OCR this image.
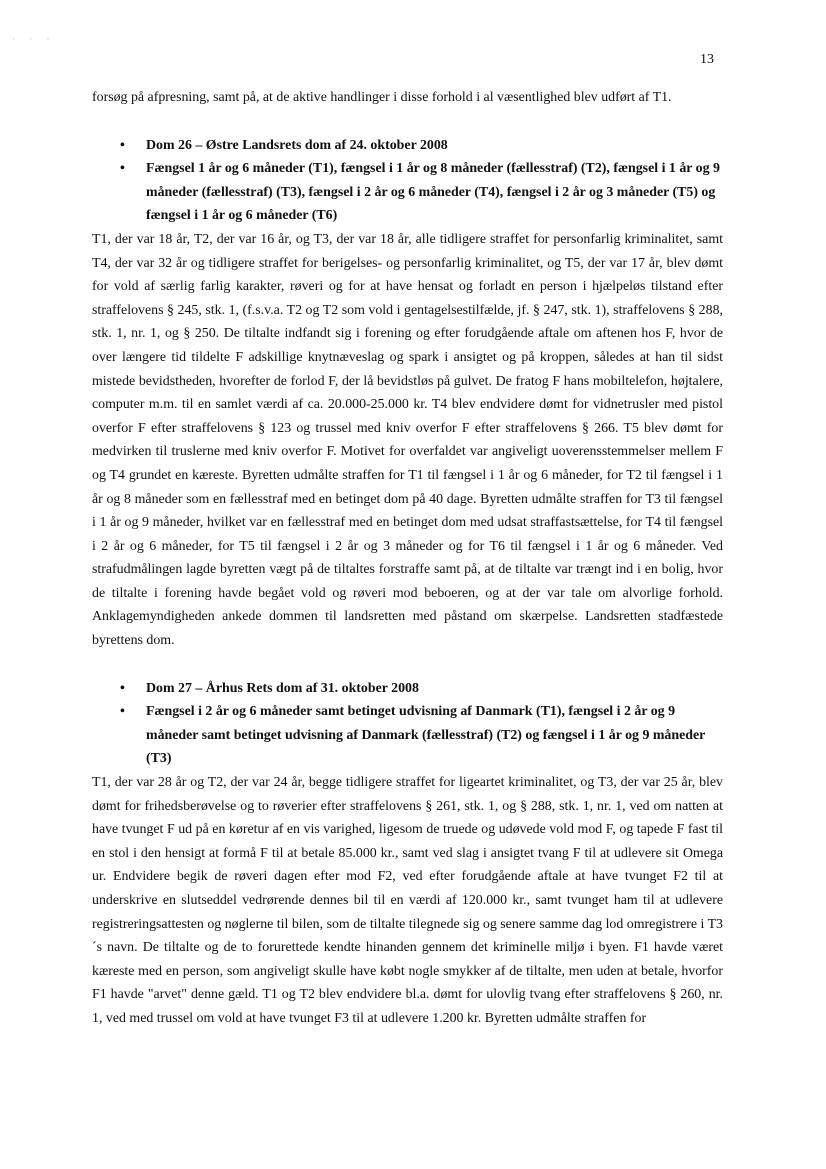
· · ·
13

forsøg på afpresning, samt på, at de aktive handlinger i disse forhold i al væsentlighed blev udført af T1.

• Dom 26 – Østre Landsrets dom af 24. oktober 2008
• Fængsel 1 år og 6 måneder (T1), fængsel i 1 år og 8 måneder (fællesstraf) (T2), fængsel i 1 år og 9 måneder (fællesstraf) (T3), fængsel i 2 år og 6 måneder (T4), fængsel i 2 år og 3 måneder (T5) og fængsel i 1 år og 6 måneder (T6)

T1, der var 18 år, T2, der var 16 år, og T3, der var 18 år, alle tidligere straffet for personfarlig kriminalitet, samt T4, der var 32 år og tidligere straffet for berigelses- og personfarlig kriminalitet, og T5, der var 17 år, blev dømt for vold af særlig farlig karakter, røveri og for at have hensat og forladt en person i hjælpeløs tilstand efter straffelovens § 245, stk. 1, (f.s.v.a. T2 og T2 som vold i gentagelsestilfælde, jf. § 247, stk. 1), straffelovens § 288, stk. 1, nr. 1, og § 250. De tiltalte indfandt sig i forening og efter forudgående aftale om aftenen hos F, hvor de over længere tid tildelte F adskillige knytnæveslag og spark i ansigtet og på kroppen, således at han til sidst mistede bevidstheden, hvorefter de forlod F, der lå bevidstløs på gulvet. De fratog F hans mobiltelefon, højtalere, computer m.m. til en samlet værdi af ca. 20.000-25.000 kr. T4 blev endvidere dømt for vidnetrusler med pistol overfor F efter straffelovens § 123 og trussel med kniv overfor F efter straffelovens § 266. T5 blev dømt for medvirken til truslerne med kniv overfor F. Motivet for overfaldet var angiveligt uoverensstemmelser mellem F og T4 grundet en kæreste. Byretten udmålte straffen for T1 til fængsel i 1 år og 6 måneder, for T2 til fængsel i 1 år og 8 måneder som en fællesstraf med en betinget dom på 40 dage. Byretten udmålte straffen for T3 til fængsel i 1 år og 9 måneder, hvilket var en fællesstraf med en betinget dom med udsat straffastsættelse, for T4 til fængsel i 2 år og 6 måneder, for T5 til fængsel i 2 år og 3 måneder og for T6 til fængsel i 1 år og 6 måneder. Ved strafudmålingen lagde byretten vægt på de tiltaltes forstraffe samt på, at de tiltalte var trængt ind i en bolig, hvor de tiltalte i forening havde begået vold og røveri mod beboeren, og at der var tale om alvorlige forhold. Anklagemyndigheden ankede dommen til landsretten med påstand om skærpelse. Landsretten stadfæstede byrettens dom.

• Dom 27 – Århus Rets dom af 31. oktober 2008
• Fængsel i 2 år og 6 måneder samt betinget udvisning af Danmark (T1), fængsel i 2 år og 9 måneder samt betinget udvisning af Danmark (fællesstraf) (T2) og fængsel i 1 år og 9 måneder (T3)

T1, der var 28 år og T2, der var 24 år, begge tidligere straffet for ligeartet kriminalitet, og T3, der var 25 år, blev dømt for frihedsberøvelse og to røverier efter straffelovens § 261, stk. 1, og § 288, stk. 1, nr. 1, ved om natten at have tvunget F ud på en køretur af en vis varighed, ligesom de truede og udøvede vold mod F, og tapede F fast til en stol i den hensigt at formå F til at betale 85.000 kr., samt ved slag i ansigtet tvang F til at udlevere sit Omega ur. Endvidere begik de røveri dagen efter mod F2, ved efter forudgående aftale at have tvunget F2 til at underskrive en slutseddel vedrørende dennes bil til en værdi af 120.000 kr., samt tvunget ham til at udlevere registreringsattesten og nøglerne til bilen, som de tiltalte tilegnede sig og senere samme dag lod omregistrere i T3´s navn. De tiltalte og de to forurettede kendte hinanden gennem det kriminelle miljø i byen. F1 havde været kæreste med en person, som angiveligt skulle have købt nogle smykker af de tiltalte, men uden at betale, hvorfor F1 havde "arvet" denne gæld. T1 og T2 blev endvidere bl.a. dømt for ulovlig tvang efter straffelovens § 260, nr. 1, ved med trussel om vold at have tvunget F3 til at udlevere 1.200 kr. Byretten udmålte straffen for
